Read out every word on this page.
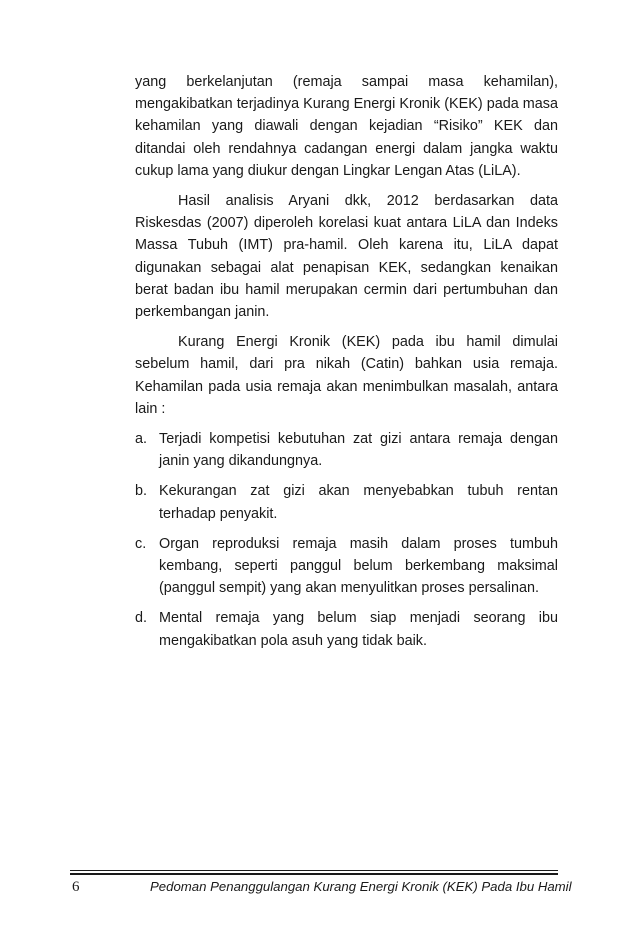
yang berkelanjutan (remaja sampai masa kehamilan), mengakibatkan terjadinya Kurang Energi Kronik (KEK) pada masa kehamilan yang diawali dengan kejadian “Risiko” KEK dan ditandai oleh rendahnya cadangan energi dalam jangka waktu cukup lama yang diukur dengan Lingkar Lengan Atas (LiLA).

Hasil analisis Aryani dkk, 2012 berdasarkan data Riskesdas (2007) diperoleh korelasi kuat antara LiLA dan Indeks Massa Tubuh (IMT) pra-hamil. Oleh karena itu, LiLA dapat digunakan sebagai alat penapisan KEK, sedangkan kenaikan berat badan ibu hamil merupakan cermin dari pertumbuhan dan perkembangan janin.

Kurang Energi Kronik (KEK) pada ibu hamil dimulai sebelum hamil, dari pra nikah (Catin) bahkan usia remaja. Kehamilan pada usia remaja akan menimbulkan masalah, antara lain :

a. Terjadi kompetisi kebutuhan zat gizi antara remaja dengan janin yang dikandungnya.
b. Kekurangan zat gizi akan menyebabkan tubuh rentan terhadap penyakit.
c. Organ reproduksi remaja masih dalam proses tumbuh kembang, seperti panggul belum berkembang maksimal (panggul sempit) yang akan menyulitkan proses persalinan.
d. Mental remaja yang belum siap menjadi seorang ibu mengakibatkan pola asuh yang tidak baik.
6	Pedoman Penanggulangan Kurang Energi Kronik (KEK) Pada Ibu Hamil
